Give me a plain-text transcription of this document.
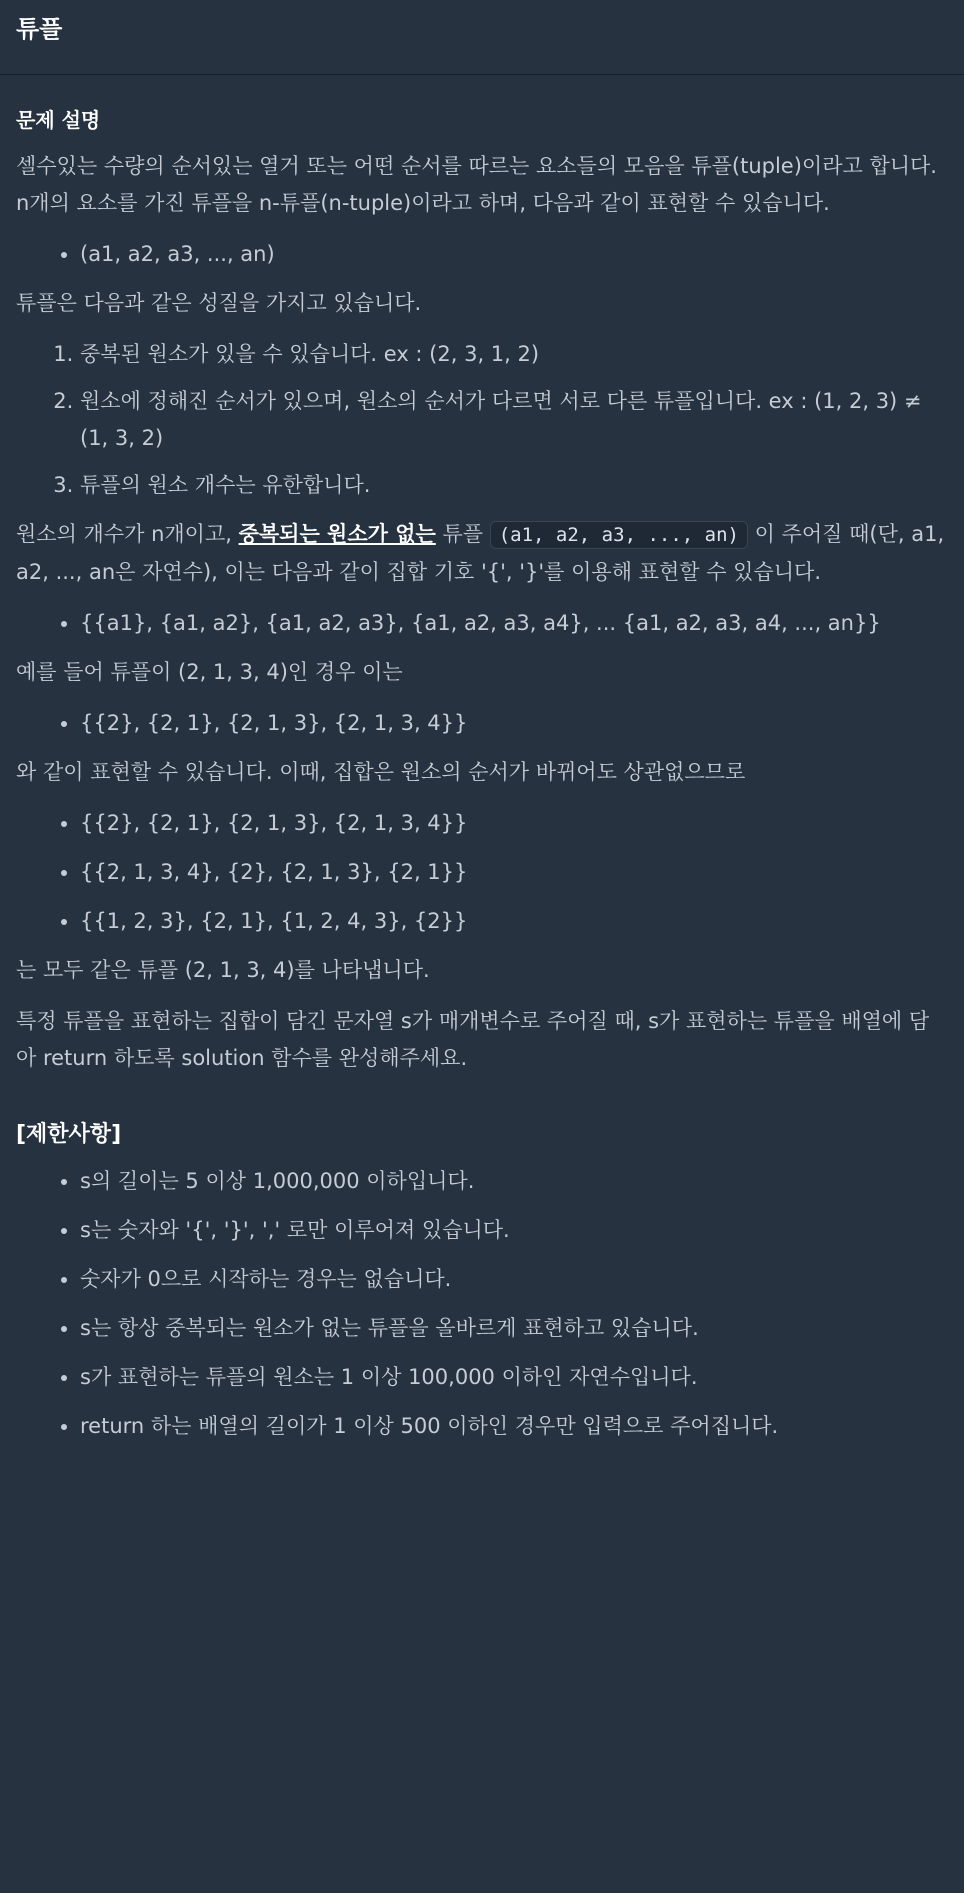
튜플
문제 설명

셀수있는 수량의 순서있는 열거 또는 어떤 순서를 따르는 요소들의 모음을 튜플(tuple)이라고 합니다. n개의 요소를 가진 튜플을 n-튜플(n-tuple)이라고 하며, 다음과 같이 표현할 수 있습니다.

• (a1, a2, a3, ..., an)

튜플은 다음과 같은 성질을 가지고 있습니다.

1. 중복된 원소가 있을 수 있습니다. ex : (2, 3, 1, 2)
2. 원소에 정해진 순서가 있으며, 원소의 순서가 다르면 서로 다른 튜플입니다. ex : (1, 2, 3) ≠ (1, 3, 2)
3. 튜플의 원소 개수는 유한합니다.

원소의 개수가 n개이고, 중복되는 원소가 없는 튜플 (a1, a2, a3, ..., an) 이 주어질 때(단, a1, a2, ..., an은 자연수), 이는 다음과 같이 집합 기호 '{', '}'를 이용해 표현할 수 있습니다.

• {{a1}, {a1, a2}, {a1, a2, a3}, {a1, a2, a3, a4}, ... {a1, a2, a3, a4, ..., an}}

예를 들어 튜플이 (2, 1, 3, 4)인 경우 이는

• {{2}, {2, 1}, {2, 1, 3}, {2, 1, 3, 4}}

와 같이 표현할 수 있습니다. 이때, 집합은 원소의 순서가 바뀌어도 상관없으므로

• {{2}, {2, 1}, {2, 1, 3}, {2, 1, 3, 4}}
• {{2, 1, 3, 4}, {2}, {2, 1, 3}, {2, 1}}
• {{1, 2, 3}, {2, 1}, {1, 2, 4, 3}, {2}}

는 모두 같은 튜플 (2, 1, 3, 4)를 나타냅니다.

특정 튜플을 표현하는 집합이 담긴 문자열 s가 매개변수로 주어질 때, s가 표현하는 튜플을 배열에 담아 return 하도록 solution 함수를 완성해주세요.

[제한사항]
• s의 길이는 5 이상 1,000,000 이하입니다.
• s는 숫자와 '{', '}', ',' 로만 이루어져 있습니다.
• 숫자가 0으로 시작하는 경우는 없습니다.
• s는 항상 중복되는 원소가 없는 튜플을 올바르게 표현하고 있습니다.
• s가 표현하는 튜플의 원소는 1 이상 100,000 이하인 자연수입니다.
• return 하는 배열의 길이가 1 이상 500 이하인 경우만 입력으로 주어집니다.
